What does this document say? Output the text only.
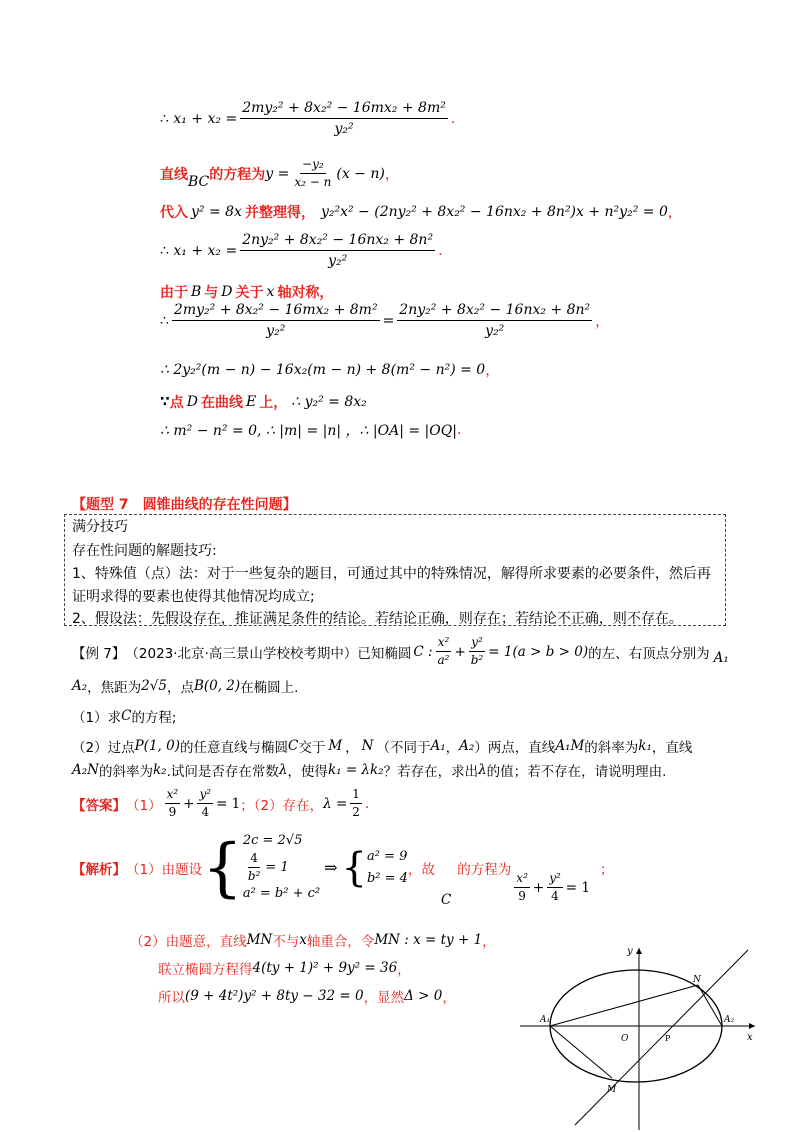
∴
$x_1 + x_2 = \frac{\text{2my₂² + 8x₂² − 16mx₂ + 8m²}}{\text{y₂²}}$ .
直线 BC 的方程为 $y = \frac{\text{−y₂}}{\text{x₂ − n}} (x - n)$ ，
代入 y² = 8x 并整理得， y₂²x² − (2ny₂² + 8x₂² − 16nx₂ + 8n²)x + n²y₂² = 0 ，
∴
$x_1 + x_2 = \frac{\text{2ny₂² + 8x₂² − 16nx₂ + 8n²}}{\text{y₂²}}$ .
由于 B 与 D 关于 x 轴对称，
∴ $\frac{\text{2my₂² + 8x₂² − 16mx₂ + 8m²}}{\text{y₂²}} = \frac{\text{2ny₂² + 8x₂² − 16nx₂ + 8n²}}{\text{y₂²}}$ ，
∴ 2y₂²(m − n) − 16x₂(m − n) + 8(m² − n²) = 0 ，
∵ 点 D 在曲线 E 上， ∴ y₂² = 8x₂
∴ m² − n² = 0, ∴ |m| = |n| ，∴ |OA| = |OQ| .
【题型 7　圆锥曲线的存在性问题】
满分技巧
存在性问题的解题技巧:
1、特殊值（点）法：对于一些复杂的题目，可通过其中的特殊情况，解得所求要素的必要条件，然后再
证明求得的要素也使得其他情况均成立;
2、假设法：先假设存在，推证满足条件的结论。若结论正确，则存在；若结论不正确，则不存在。
【例 7】 （2023·北京·高三景山学校校考期中）已知椭圆 C : $\frac{\text{x²}}{\text{a²}} + \frac{\text{y²}}{\text{b²}} = 1(a > b > 0)$ 的左、右顶点分别为 A₁
A₂ ，焦距为 2√5 ，点 B(0, 2) 在椭圆上.
（1）求 C 的方程;
（2）过点 P(1, 0) 的任意直线与椭圆 C 交于 M ， N （不同于 A₁ ， A₂ ）两点，直线 A₁M 的斜率为 k₁ ，直线
A₂N 的斜率为 k₂ .试问是否存在常数 λ ，使得 k₁ = λk₂ ？若存在，求出 λ 的值；若不存在，请说明理由.
【答案】 $(1) \frac{\text{x²}}{9} + \frac{\text{y²}}{4} = 1$ ；（2）存在， $\lambda = \frac{1}{2}$ .
【解析】 （1）由题设 { 2c = 2√5
$\frac{4}{\text{b²}} = 1$
a² = b² + c²
⇒ { a² = 9
b² = 4
，故
C
的方程为
$\frac{\text{x²}}{9} + \frac{\text{y²}}{4} = 1$
；
（2）由题意，直线 MN 不与 x 轴重合，令 MN : x = ty + 1 ，
联立椭圆方程得 4(ty + 1)² + 9y² = 36 ，
所以 (9 + 4t²)y² + 8ty − 32 = 0 ，显然 Δ > 0 ，
y
x
A₁	A₂
O	P
N
M
